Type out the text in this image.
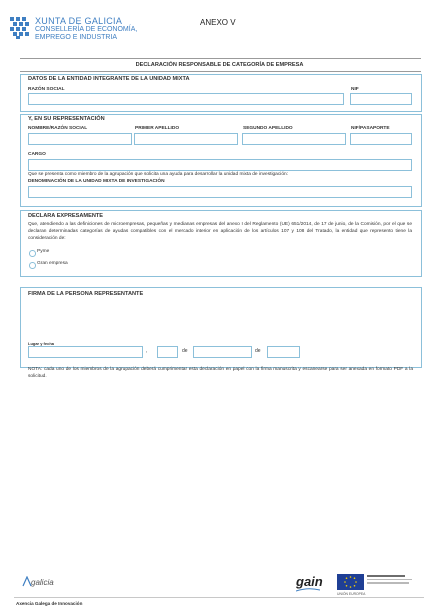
XUNTA DE GALICIA
CONSELLERÍA DE ECONOMÍA,
EMPREGO E INDUSTRIA
ANEXO V
DECLARACIÓN RESPONSABLE DE CATEGORÍA DE EMPRESA
DATOS DE LA ENTIDAD INTEGRANTE DE LA UNIDAD MIXTA
RAZÓN SOCIAL	NIF
Y, EN SU REPRESENTACIÓN
NOMBRE/RAZÓN SOCIAL	PRIMER APELLIDO	SEGUNDO APELLIDO	NIF/PASAPORTE
CARGO
Que se presenta como miembro de la agrupación que solicita una ayuda para desarrollar la unidad mixta de investigación:
DENOMINACIÓN DE LA UNIDAD MIXTA DE INVESTIGACIÓN
DECLARA EXPRESAMENTE
Que, atendiendo a las definiciones de microempresas, pequeñas y medianas empresas del anexo I del Reglamento (UE) 651/2014, de 17 de junio, de la Comisión, por el que se declaran determinadas categorías de ayudas compatibles con el mercado interior en aplicación de los artículos 107 y 108 del Tratado, la entidad que represento tiene la consideración de:
Pyme
Gran empresa
FIRMA DE LA PERSONA REPRESENTANTE
Lugar y fecha
,	de	de
NOTA: cada uno de los miembros de la agrupación deberá cumprimentar esta declaración en papel con la firma manuscrita y escanearse para ser anexada en formato PDF a la solicitud.
galicia	gain
UNIÓN EUROPEA
Axencia Galega de Innovación
